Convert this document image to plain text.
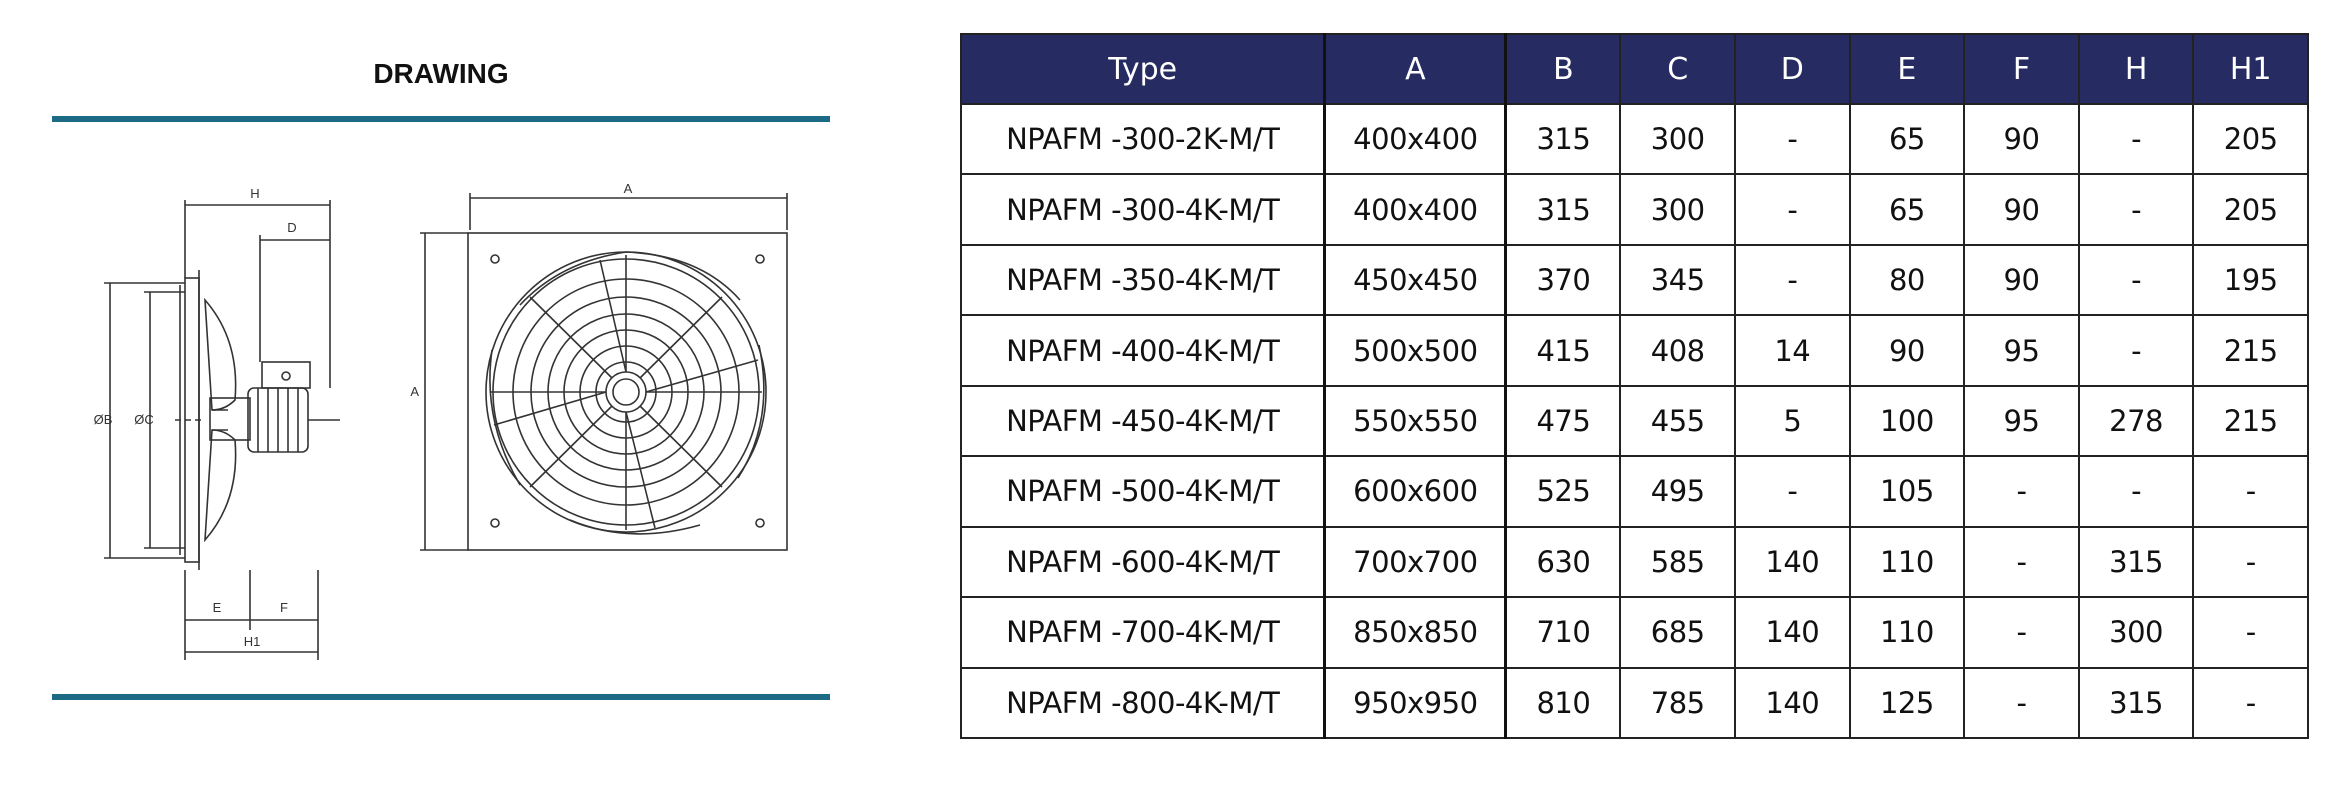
DRAWING
H
D
A
A
ØB ØC
E	F
H1
Type	A	B	C	D	E	F	H	H1
NPAFM -300-2K-M/T	400x400	315	300	-	65	90	-	205
NPAFM -300-4K-M/T	400x400	315	300	-	65	90	-	205
NPAFM -350-4K-M/T	450x450	370	345	-	80	90	-	195
NPAFM -400-4K-M/T	500x500	415	408	14	90	95	-	215
NPAFM -450-4K-M/T	550x550	475	455	5	100	95	278	215
NPAFM -500-4K-M/T	600x600	525	495	-	105	-	-	-
NPAFM -600-4K-M/T	700x700	630	585	140	110	-	315	-
NPAFM -700-4K-M/T	850x850	710	685	140	110	-	300	-
NPAFM -800-4K-M/T	950x950	810	785	140	125	-	315	-
